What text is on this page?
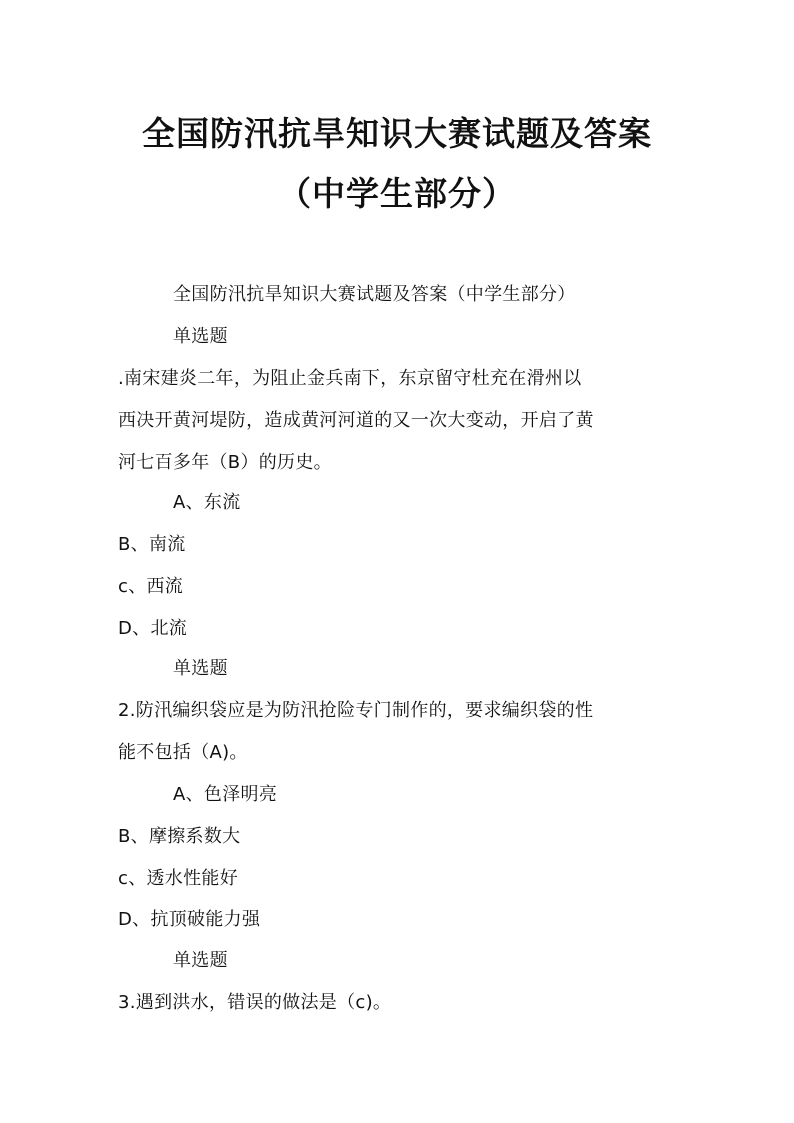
全国防汛抗旱知识大赛试题及答案
（中学生部分）
全国防汛抗旱知识大赛试题及答案（中学生部分）
单选题
.南宋建炎二年，为阻止金兵南下，东京留守杜充在滑州以
西决开黄河堤防，造成黄河河道的又一次大变动，开启了黄
河七百多年（B）的历史。
A、东流
B、南流
c、西流
D、北流
单选题
2.防汛编织袋应是为防汛抢险专门制作的，要求编织袋的性
能不包括（A)。
A、色泽明亮
B、摩擦系数大
c、透水性能好
D、抗顶破能力强
单选题
3.遇到洪水，错误的做法是（c)。
